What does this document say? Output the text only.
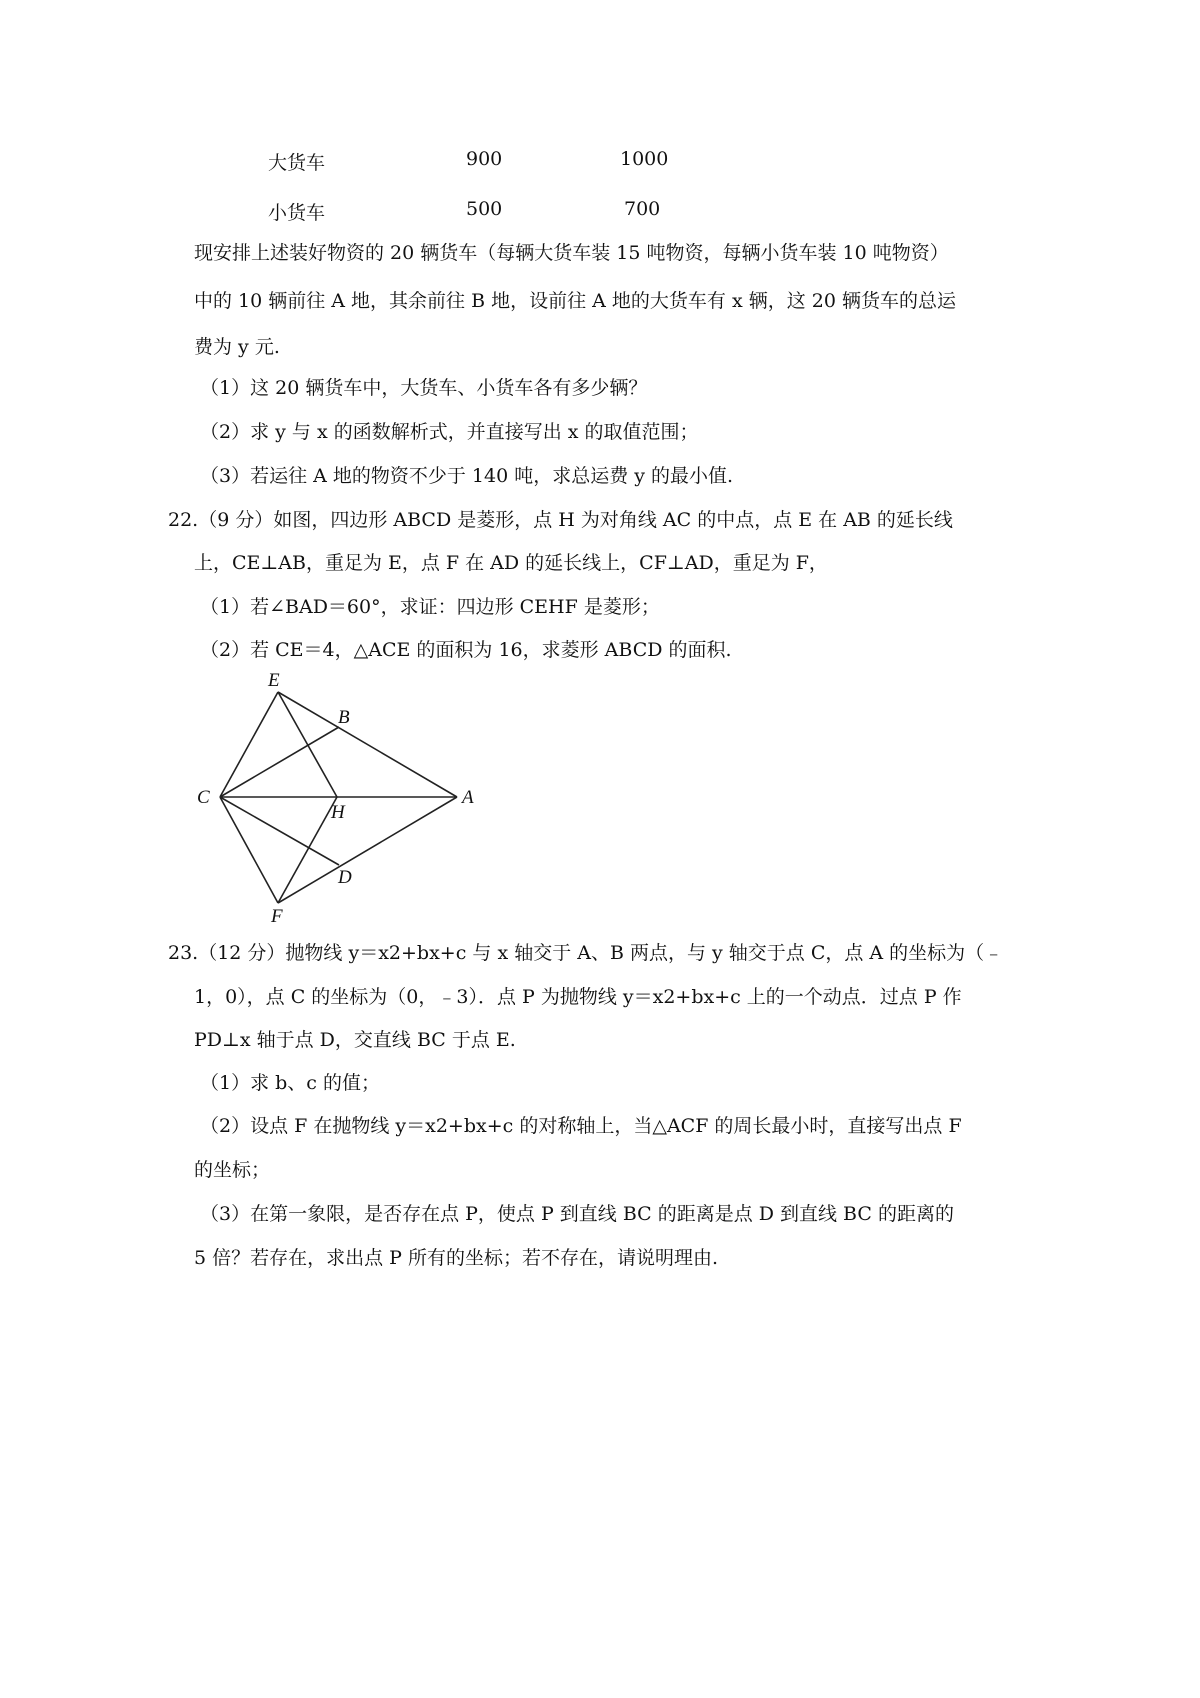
大货车	900	1000
小货车	500	700
现安排上述装好物资的 20 辆货车（每辆大货车装 15 吨物资，每辆小货车装 10 吨物资）
中的 10 辆前往 A 地，其余前往 B 地，设前往 A 地的大货车有 x 辆，这 20 辆货车的总运
费为 y 元.
（1）这 20 辆货车中，大货车、小货车各有多少辆？
（2）求 y 与 x 的函数解析式，并直接写出 x 的取值范围；
（3）若运往 A 地的物资不少于 140 吨，求总运费 y 的最小值.
22.（9 分）如图，四边形 ABCD 是菱形，点 H 为对角线 AC 的中点，点 E 在 AB 的延长线
上，CE⊥AB，重足为 E，点 F 在 AD 的延长线上，CF⊥AD，重足为 F，
（1）若∠BAD＝60°，求证：四边形 CEHF 是菱形；
（2）若 CE＝4，△ACE 的面积为 16，求菱形 ABCD 的面积.
E
B
C
H
A
D
F
23.（12 分）抛物线 y＝x2+bx+c 与 x 轴交于 A、B 两点，与 y 轴交于点 C，点 A 的坐标为（﹣
1，0），点 C 的坐标为（0，﹣3）．点 P 为抛物线 y＝x2+bx+c 上的一个动点．过点 P 作
PD⊥x 轴于点 D，交直线 BC 于点 E.
（1）求 b、c 的值；
（2）设点 F 在抛物线 y＝x2+bx+c 的对称轴上，当△ACF 的周长最小时，直接写出点 F
的坐标；
（3）在第一象限，是否存在点 P，使点 P 到直线 BC 的距离是点 D 到直线 BC 的距离的
5 倍？若存在，求出点 P 所有的坐标；若不存在，请说明理由.
